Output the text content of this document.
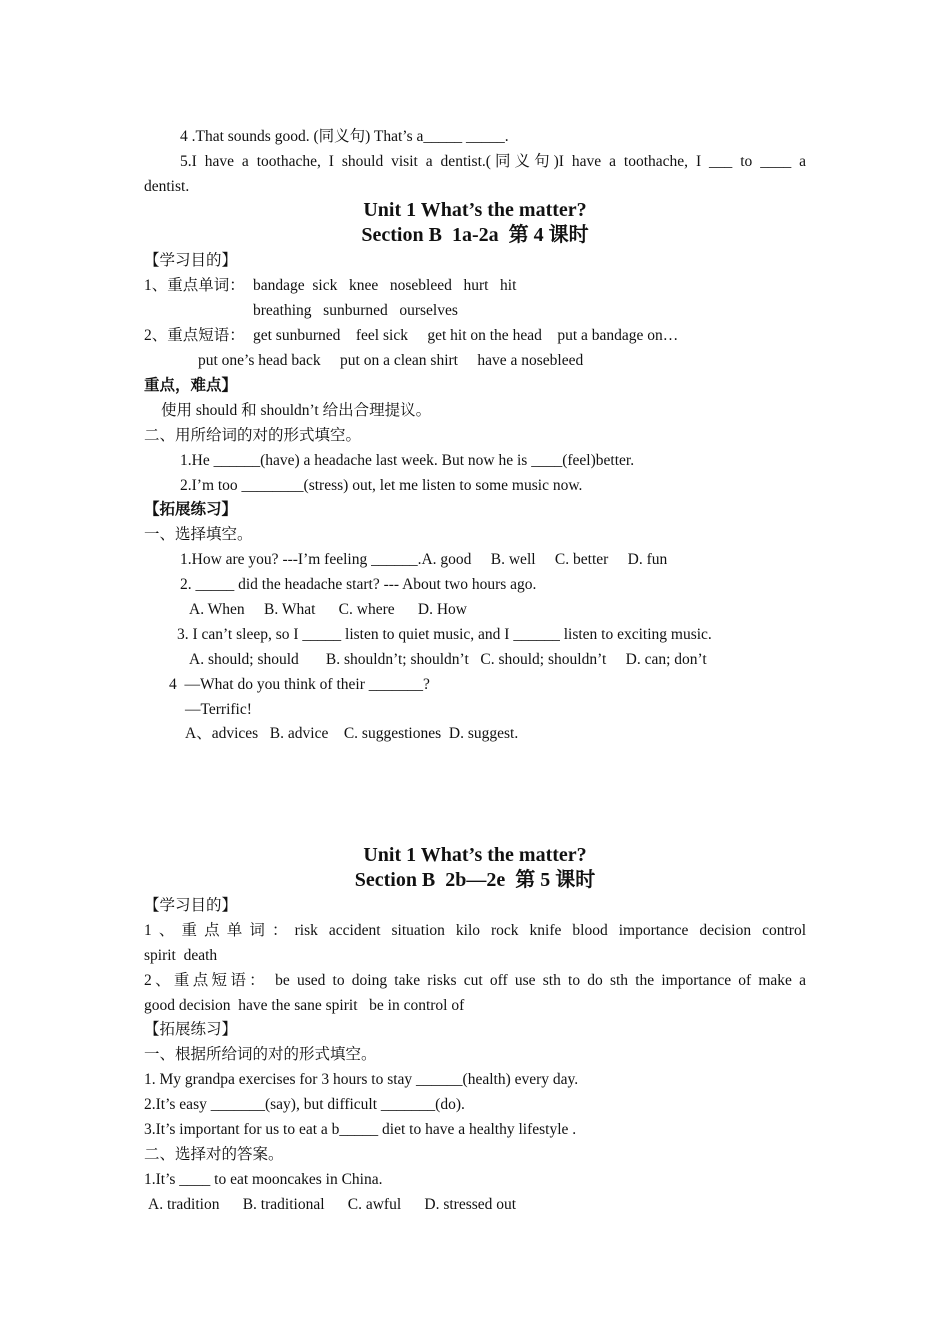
4 .That sounds good. (同义句) That’s a_____ _____.
5.I have a toothache, I should visit a dentist.(同义句)I have a toothache, I ___ to ____ a
dentist.
Unit 1 What’s the matter?
Section B  1a-2a  第 4 课时
【学习目的】
1、重点单词： bandage  sick   knee   nosebleed   hurt   hit
breathing   sunburned   ourselves
2、重点短语： get sunburned    feel sick     get hit on the head    put a bandage on…
put one’s head back     put on a clean shirt     have a nosebleed
重点，难点】
使用 should 和 shouldn’t 给出合理提议。
二、用所给词的对的形式填空。
1.He ______(have) a headache last week. But now he is ____(feel)better.
2.I’m too ________(stress) out, let me listen to some music now.
【拓展练习】
一、选择填空。
1.How are you? ---I’m feeling ______.A. good     B. well     C. better     D. fun
2. _____ did the headache start? --- About two hours ago.
A. When     B. What      C. where      D. How
3. I can’t sleep, so I _____ listen to quiet music, and I ______ listen to exciting music.
A. should; should       B. shouldn’t; shouldn’t   C. should; shouldn’t     D. can; don’t
4  —What do you think of their _______?
—Terrific!
A、advices   B. advice    C. suggestiones  D. suggest.
Unit 1 What’s the matter?
Section B  2b—2e  第 5 课时
【学习目的】
1、重点单词：risk accident situation kilo rock knife blood importance decision control
spirit  death
2、重点短语： be used to doing take risks cut off use sth to do sth the importance of make a
good decision  have the sane spirit   be in control of
【拓展练习】
一、根据所给词的对的形式填空。
1. My grandpa exercises for 3 hours to stay ______(health) every day.
2.It’s easy _______(say), but difficult _______(do).
3.It’s important for us to eat a b_____ diet to have a healthy lifestyle .
二、选择对的答案。
1.It’s ____ to eat mooncakes in China.
A. tradition      B. traditional      C. awful      D. stressed out
